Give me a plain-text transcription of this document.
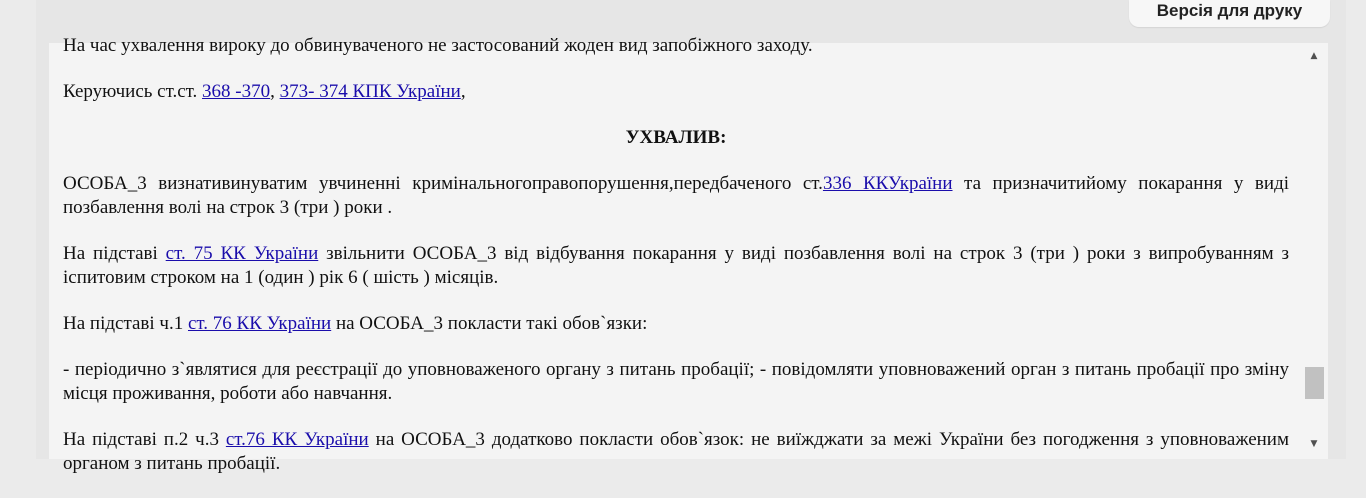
Версія для друку

На час ухвалення вироку до обвинуваченого не застосований жоден вид запобіжного заходу.

Керуючись ст.ст. 368 -370, 373- 374 КПК України,

УХВАЛИВ:

ОСОБА_3 визнативинуватим увчиненні кримінальногоправопорушення,передбаченого ст.336 ККУкраїни та призначитийому покарання у виді позбавлення волі на строк 3 (три ) роки .

На підставі ст. 75 КК України звільнити ОСОБА_3 від відбування покарання у виді позбавлення волі на строк 3 (три ) роки з випробуванням з іспитовим строком на 1 (один ) рік 6 ( шість ) місяців.

На підставі ч.1 ст. 76 КК України на ОСОБА_3 покласти такі обов`язки:

- періодично з`являтися для реєстрації до уповноваженого органу з питань пробації; - повідомляти уповноважений орган з питань пробації про зміну місця проживання, роботи або навчання.

На підставі п.2 ч.3 ст.76 КК України на ОСОБА_3 додатково покласти обов`язок: не виїжджати за межі України без погодження з уповноваженим органом з питань пробації.

▲
▼
